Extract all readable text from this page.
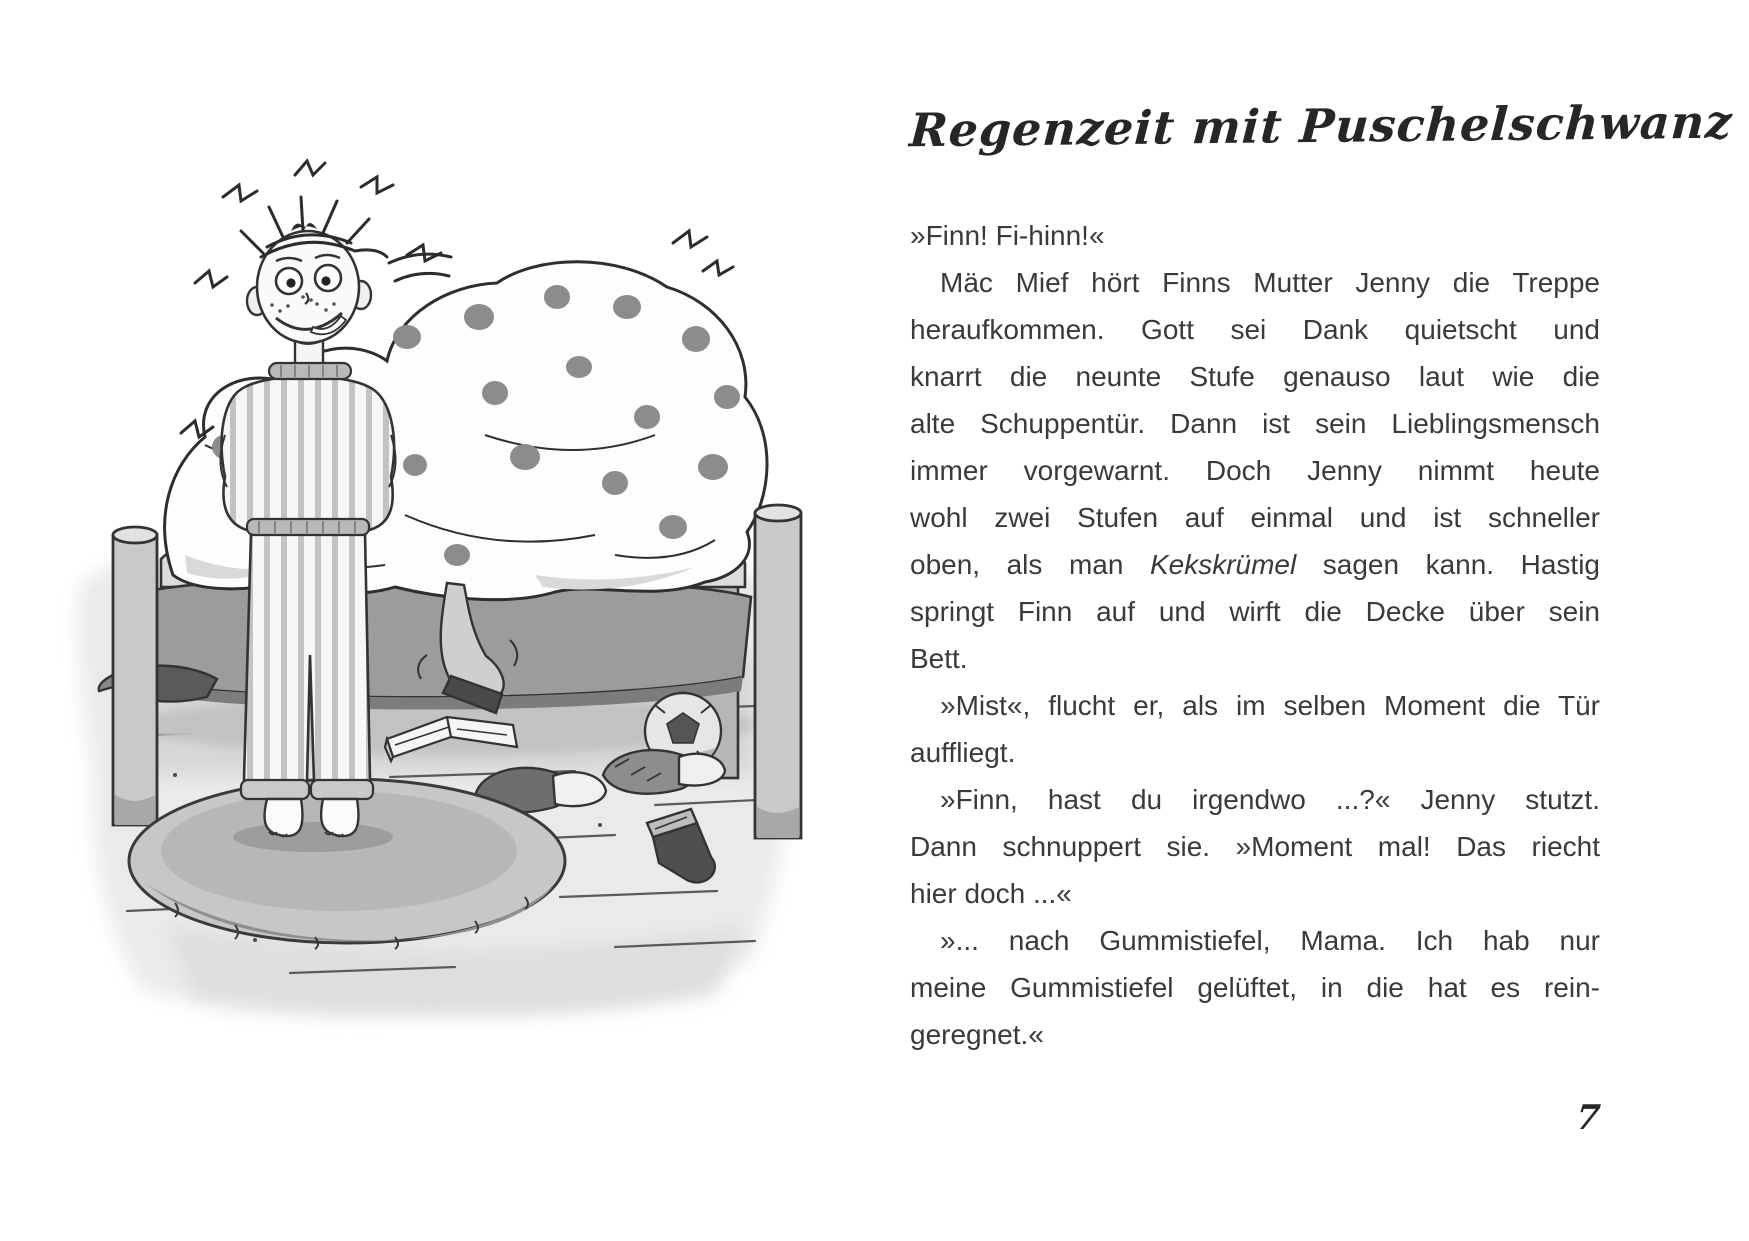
Regenzeit mit Puschelschwanz
»Finn! Fi-hinn!«
Mäc Mief hört Finns Mutter Jenny die Treppe
heraufkommen. Gott sei Dank quietscht und
knarrt die neunte Stufe genauso laut wie die
alte Schuppentür. Dann ist sein Lieblingsmensch
immer vorgewarnt. Doch Jenny nimmt heute
wohl zwei Stufen auf einmal und ist schneller
oben, als man Kekskrümel sagen kann. Hastig
springt Finn auf und wirft die Decke über sein
Bett.
»Mist«, flucht er, als im selben Moment die Tür
auffliegt.
»Finn, hast du irgendwo ...?« Jenny stutzt.
Dann schnuppert sie. »Moment mal! Das riecht
hier doch ...«
»... nach Gummistiefel, Mama. Ich hab nur
meine Gummistiefel gelüftet, in die hat es rein-
geregnet.«
7
